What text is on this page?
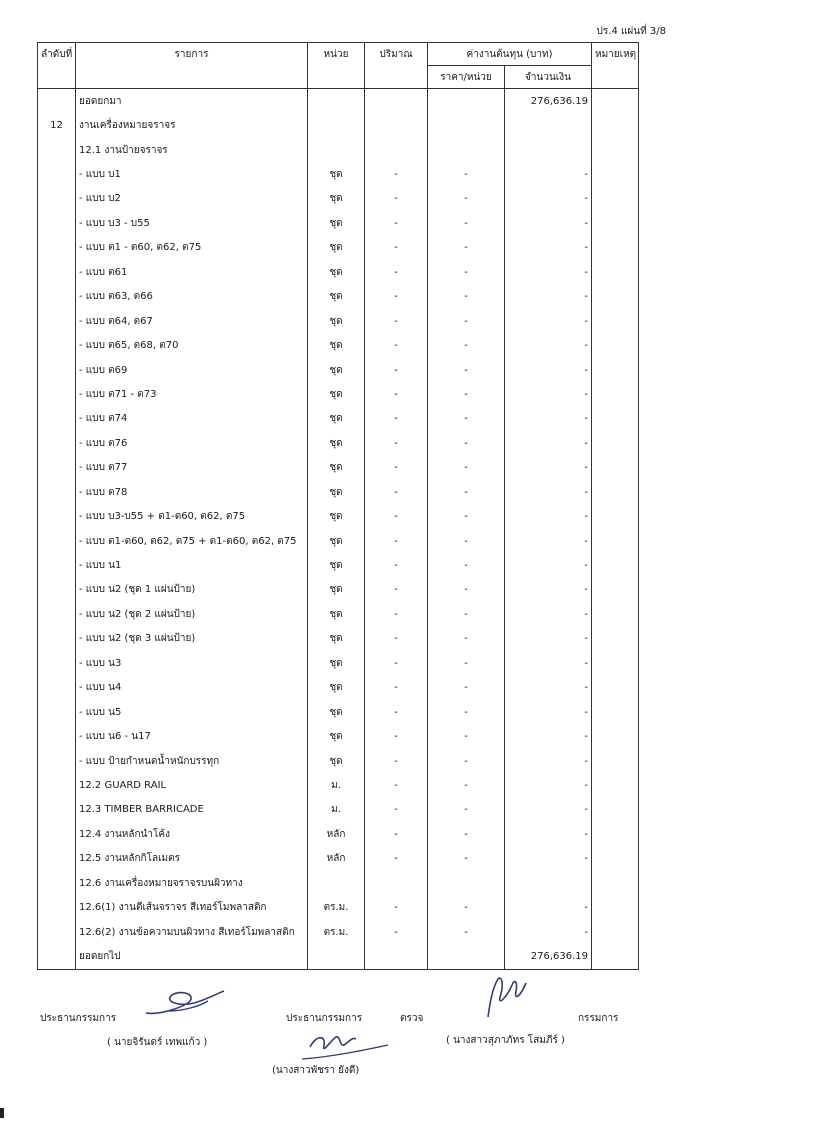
ปร.4 แผ่นที่ 3/8
ลำดับที่	รายการ	หน่วย	ปริมาณ	ค่างานต้นทุน (บาท)		หมายเหตุ
				ราคา/หน่วย	จำนวนเงิน	
	ยอดยกมา				276,636.19	
12	งานเครื่องหมายจราจร					
	12.1 งานป้ายจราจร					
	- แบบ บ1	ชุด	-	-	-	
	- แบบ บ2	ชุด	-	-	-	
	- แบบ บ3 - บ55	ชุด	-	-	-	
	- แบบ ต1 - ต60, ต62, ต75	ชุด	-	-	-	
	- แบบ ต61	ชุด	-	-	-	
	- แบบ ต63, ต66	ชุด	-	-	-	
	- แบบ ต64, ต67	ชุด	-	-	-	
	- แบบ ต65, ต68, ต70	ชุด	-	-	-	
	- แบบ ต69	ชุด	-	-	-	
	- แบบ ต71 - ต73	ชุด	-	-	-	
	- แบบ ต74	ชุด	-	-	-	
	- แบบ ต76	ชุด	-	-	-	
	- แบบ ต77	ชุด	-	-	-	
	- แบบ ต78	ชุด	-	-	-	
	- แบบ บ3-บ55 + ต1-ต60, ต62, ต75	ชุด	-	-	-	
	- แบบ ต1-ต60, ต62, ต75 + ต1-ต60, ต62, ต75	ชุด	-	-	-	
	- แบบ น1	ชุด	-	-	-	
	- แบบ น2 (ชุด 1 แผ่นป้าย)	ชุด	-	-	-	
	- แบบ น2 (ชุด 2 แผ่นป้าย)	ชุด	-	-	-	
	- แบบ น2 (ชุด 3 แผ่นป้าย)	ชุด	-	-	-	
	- แบบ น3	ชุด	-	-	-	
	- แบบ น4	ชุด	-	-	-	
	- แบบ น5	ชุด	-	-	-	
	- แบบ น6 - น17	ชุด	-	-	-	
	- แบบ ป้ายกำหนดน้ำหนักบรรทุก	ชุด	-	-	-	
	12.2 GUARD RAIL	ม.	-	-	-	
	12.3 TIMBER BARRICADE	ม.	-	-	-	
	12.4 งานหลักนำโค้ง	หลัก	-	-	-	
	12.5 งานหลักกิโลเมตร	หลัก	-	-	-	
	12.6 งานเครื่องหมายจราจรบนผิวทาง					
	12.6(1) งานตีเส้นจราจร สีเทอร์โมพลาสติก	ตร.ม.	-	-	-	
	12.6(2) งานข้อความบนผิวทาง สีเทอร์โมพลาสติก	ตร.ม.	-	-	-	
	ยอดยกไป				276,636.19	
ประธานกรรมการ
( นายจิรันดร์ เทพแก้ว )
ประธานกรรมการ	ตรวจ	กรรมการ
( นางสาวสุภาภัทร โสมภีร์ )
(นางสาวพัชรา ยังดี)
